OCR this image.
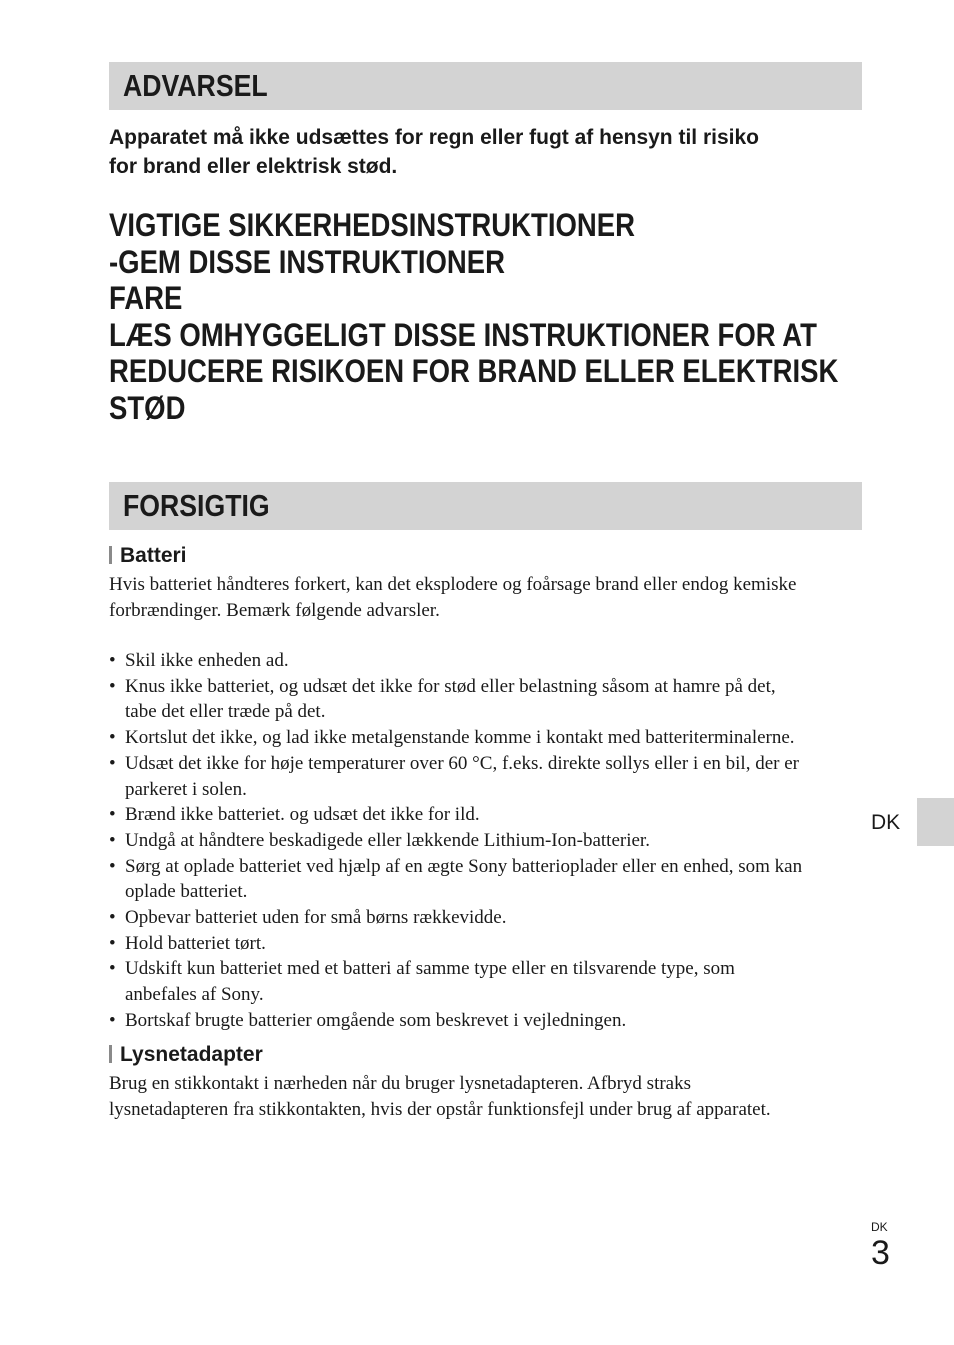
ADVARSEL
Apparatet må ikke udsættes for regn eller fugt af hensyn til risiko
for brand eller elektrisk stød.
VIGTIGE SIKKERHEDSINSTRUKTIONER
-GEM DISSE INSTRUKTIONER
FARE
LÆS OMHYGGELIGT DISSE INSTRUKTIONER FOR AT
REDUCERE RISIKOEN FOR BRAND ELLER ELEKTRISK
STØD
FORSIGTIG
Batteri
Hvis batteriet håndteres forkert, kan det eksplodere og foårsage brand eller endog kemiske
forbrændinger. Bemærk følgende advarsler.
• Skil ikke enheden ad.
• Knus ikke batteriet, og udsæt det ikke for stød eller belastning såsom at hamre på det,
tabe det eller træde på det.
• Kortslut det ikke, og lad ikke metalgenstande komme i kontakt med batteriterminalerne.
• Udsæt det ikke for høje temperaturer over 60 °C, f.eks. direkte sollys eller i en bil, der er
parkeret i solen.
• Brænd ikke batteriet. og udsæt det ikke for ild.
• Undgå at håndtere beskadigede eller lækkende Lithium-Ion-batterier.
• Sørg at oplade batteriet ved hjælp af en ægte Sony batterioplader eller en enhed, som kan
oplade batteriet.
• Opbevar batteriet uden for små børns rækkevidde.
• Hold batteriet tørt.
• Udskift kun batteriet med et batteri af samme type eller en tilsvarende type, som
anbefales af Sony.
• Bortskaf brugte batterier omgående som beskrevet i vejledningen.
Lysnetadapter
Brug en stikkontakt i nærheden når du bruger lysnetadapteren. Afbryd straks
lysnetadapteren fra stikkontakten, hvis der opstår funktionsfejl under brug af apparatet.
DK
DK
3
